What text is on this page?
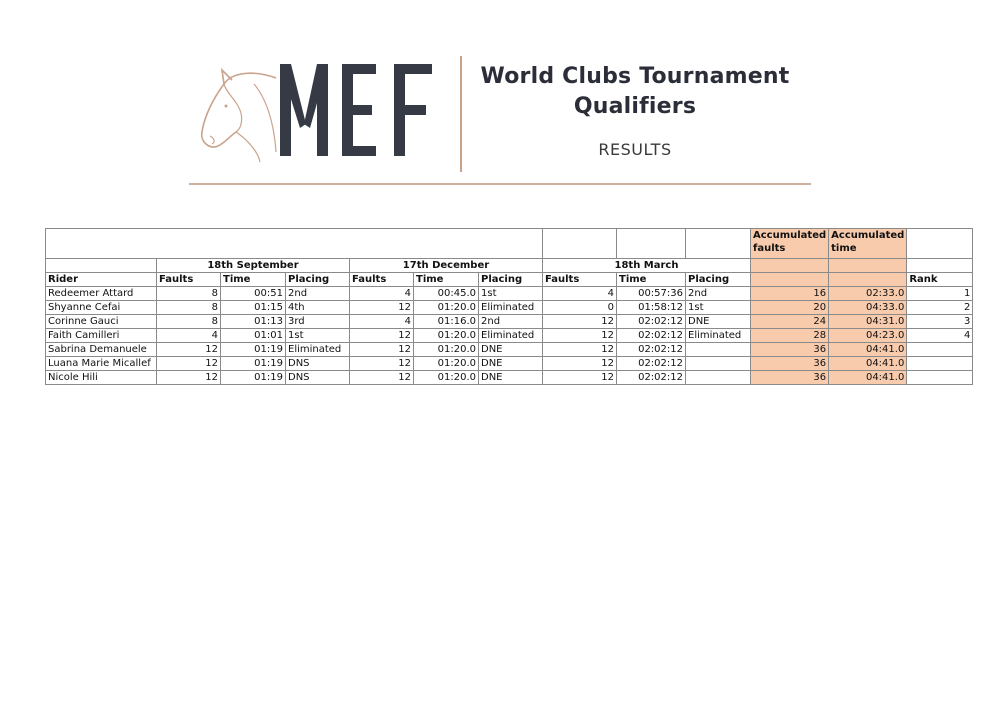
World Clubs Tournament
Qualifiers
RESULTS
										Accumulated faults	Accumulated time	
	18th September			17th December			18th March					
Rider	Faults	Time	Placing	Faults	Time	Placing	Faults	Time	Placing			Rank
Redeemer Attard	8	00:51	2nd	4	00:45.0	1st	4	00:57:36	2nd	16	02:33.0	1
Shyanne Cefai	8	01:15	4th	12	01:20.0	Eliminated	0	01:58:12	1st	20	04:33.0	2
Corinne Gauci	8	01:13	3rd	4	01:16.0	2nd	12	02:02:12	DNE	24	04:31.0	3
Faith Camilleri	4	01:01	1st	12	01:20.0	Eliminated	12	02:02:12	Eliminated	28	04:23.0	4
Sabrina Demanuele	12	01:19	Eliminated	12	01:20.0	DNE	12	02:02:12		36	04:41.0	
Luana Marie Micallef	12	01:19	DNS	12	01:20.0	DNE	12	02:02:12		36	04:41.0	
Nicole Hili	12	01:19	DNS	12	01:20.0	DNE	12	02:02:12		36	04:41.0	
